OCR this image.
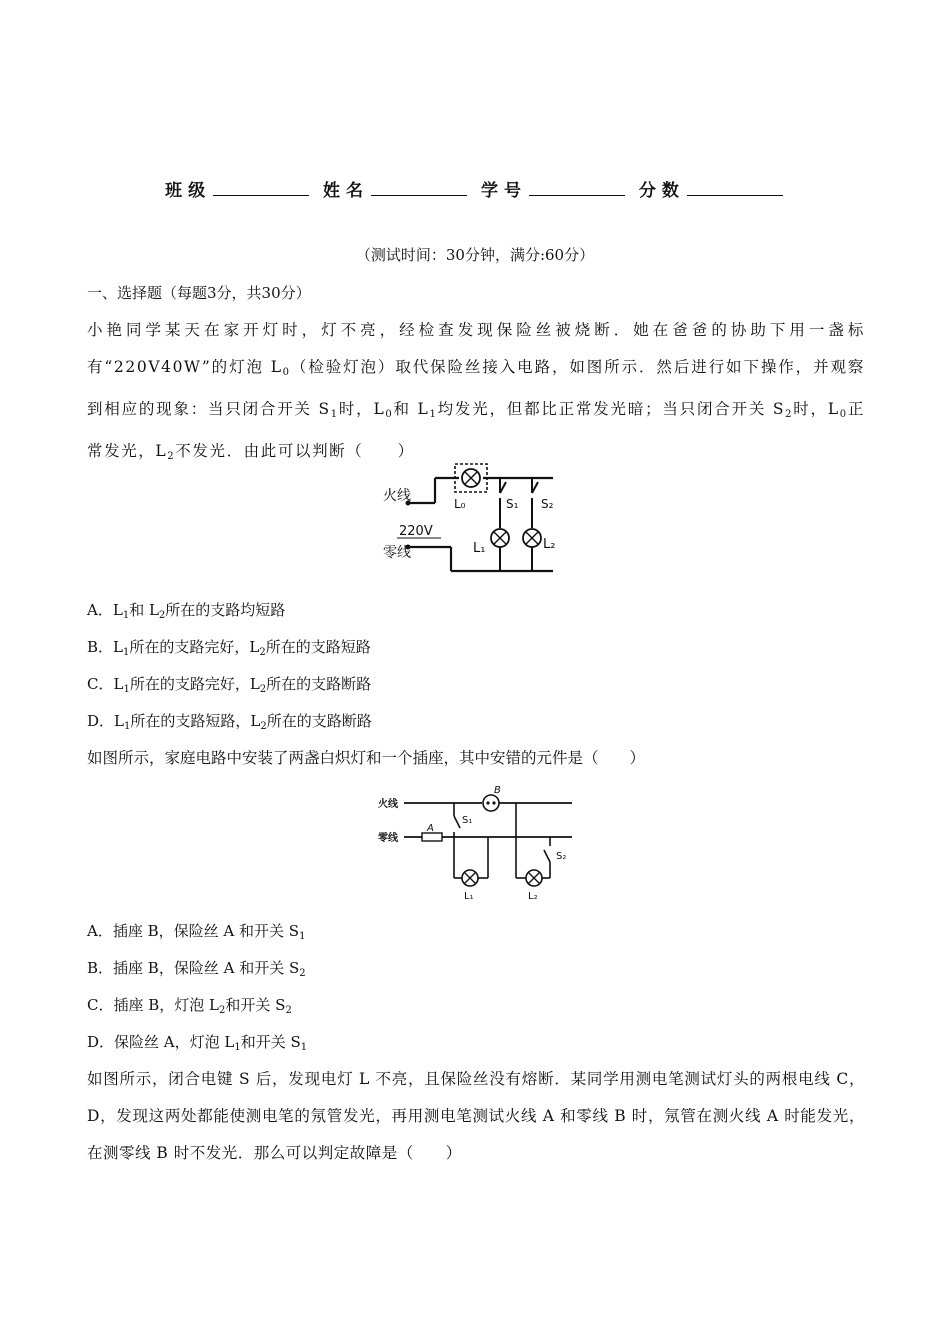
班级	姓名	学号	分数
（测试时间：30分钟，满分:60分）
一、选择题（每题3分，共30分）
小艳同学某天在家开灯时，灯不亮，经检查发现保险丝被烧断．她在爸爸的协助下用一盏标有“220V40W”的灯泡 $L_0$（检验灯泡）取代保险丝接入电路，如图所示．然后进行如下操作，并观察到相应的现象：当只闭合开关 $S_1$时，$L_0$和 $L_1$均发光，但都比正常发光暗；当只闭合开关 $S_2$时，$L_0$正常发光，$L_2$不发光．由此可以判断（　　）
火线
零线
220V
L₀	S₁ S₂
L₁	L₂
A．$L_1$和 $L_2$所在的支路均短路
B．$L_1$所在的支路完好，$L_2$所在的支路短路
C．$L_1$所在的支路完好，$L_2$所在的支路断路
D．$L_1$所在的支路短路，$L_2$所在的支路断路
如图所示，家庭电路中安装了两盏白炽灯和一个插座，其中安错的元件是（　　）
火线
零线
A
B
S₁
S₂
L₁	L₂
A．插座 B，保险丝 A 和开关 $S_1$
B．插座 B，保险丝 A 和开关 $S_2$
C．插座 B，灯泡 $L_2$和开关 $S_2$
D．保险丝 A，灯泡 $L_1$和开关 $S_1$
如图所示，闭合电键 S 后，发现电灯 L 不亮，且保险丝没有熔断．某同学用测电笔测试灯头的两根电线 C，D，发现这两处都能使测电笔的氖管发光，再用测电笔测试火线 A 和零线 B 时，氖管在测火线 A 时能发光，在测零线 B 时不发光．那么可以判定故障是（　　）
